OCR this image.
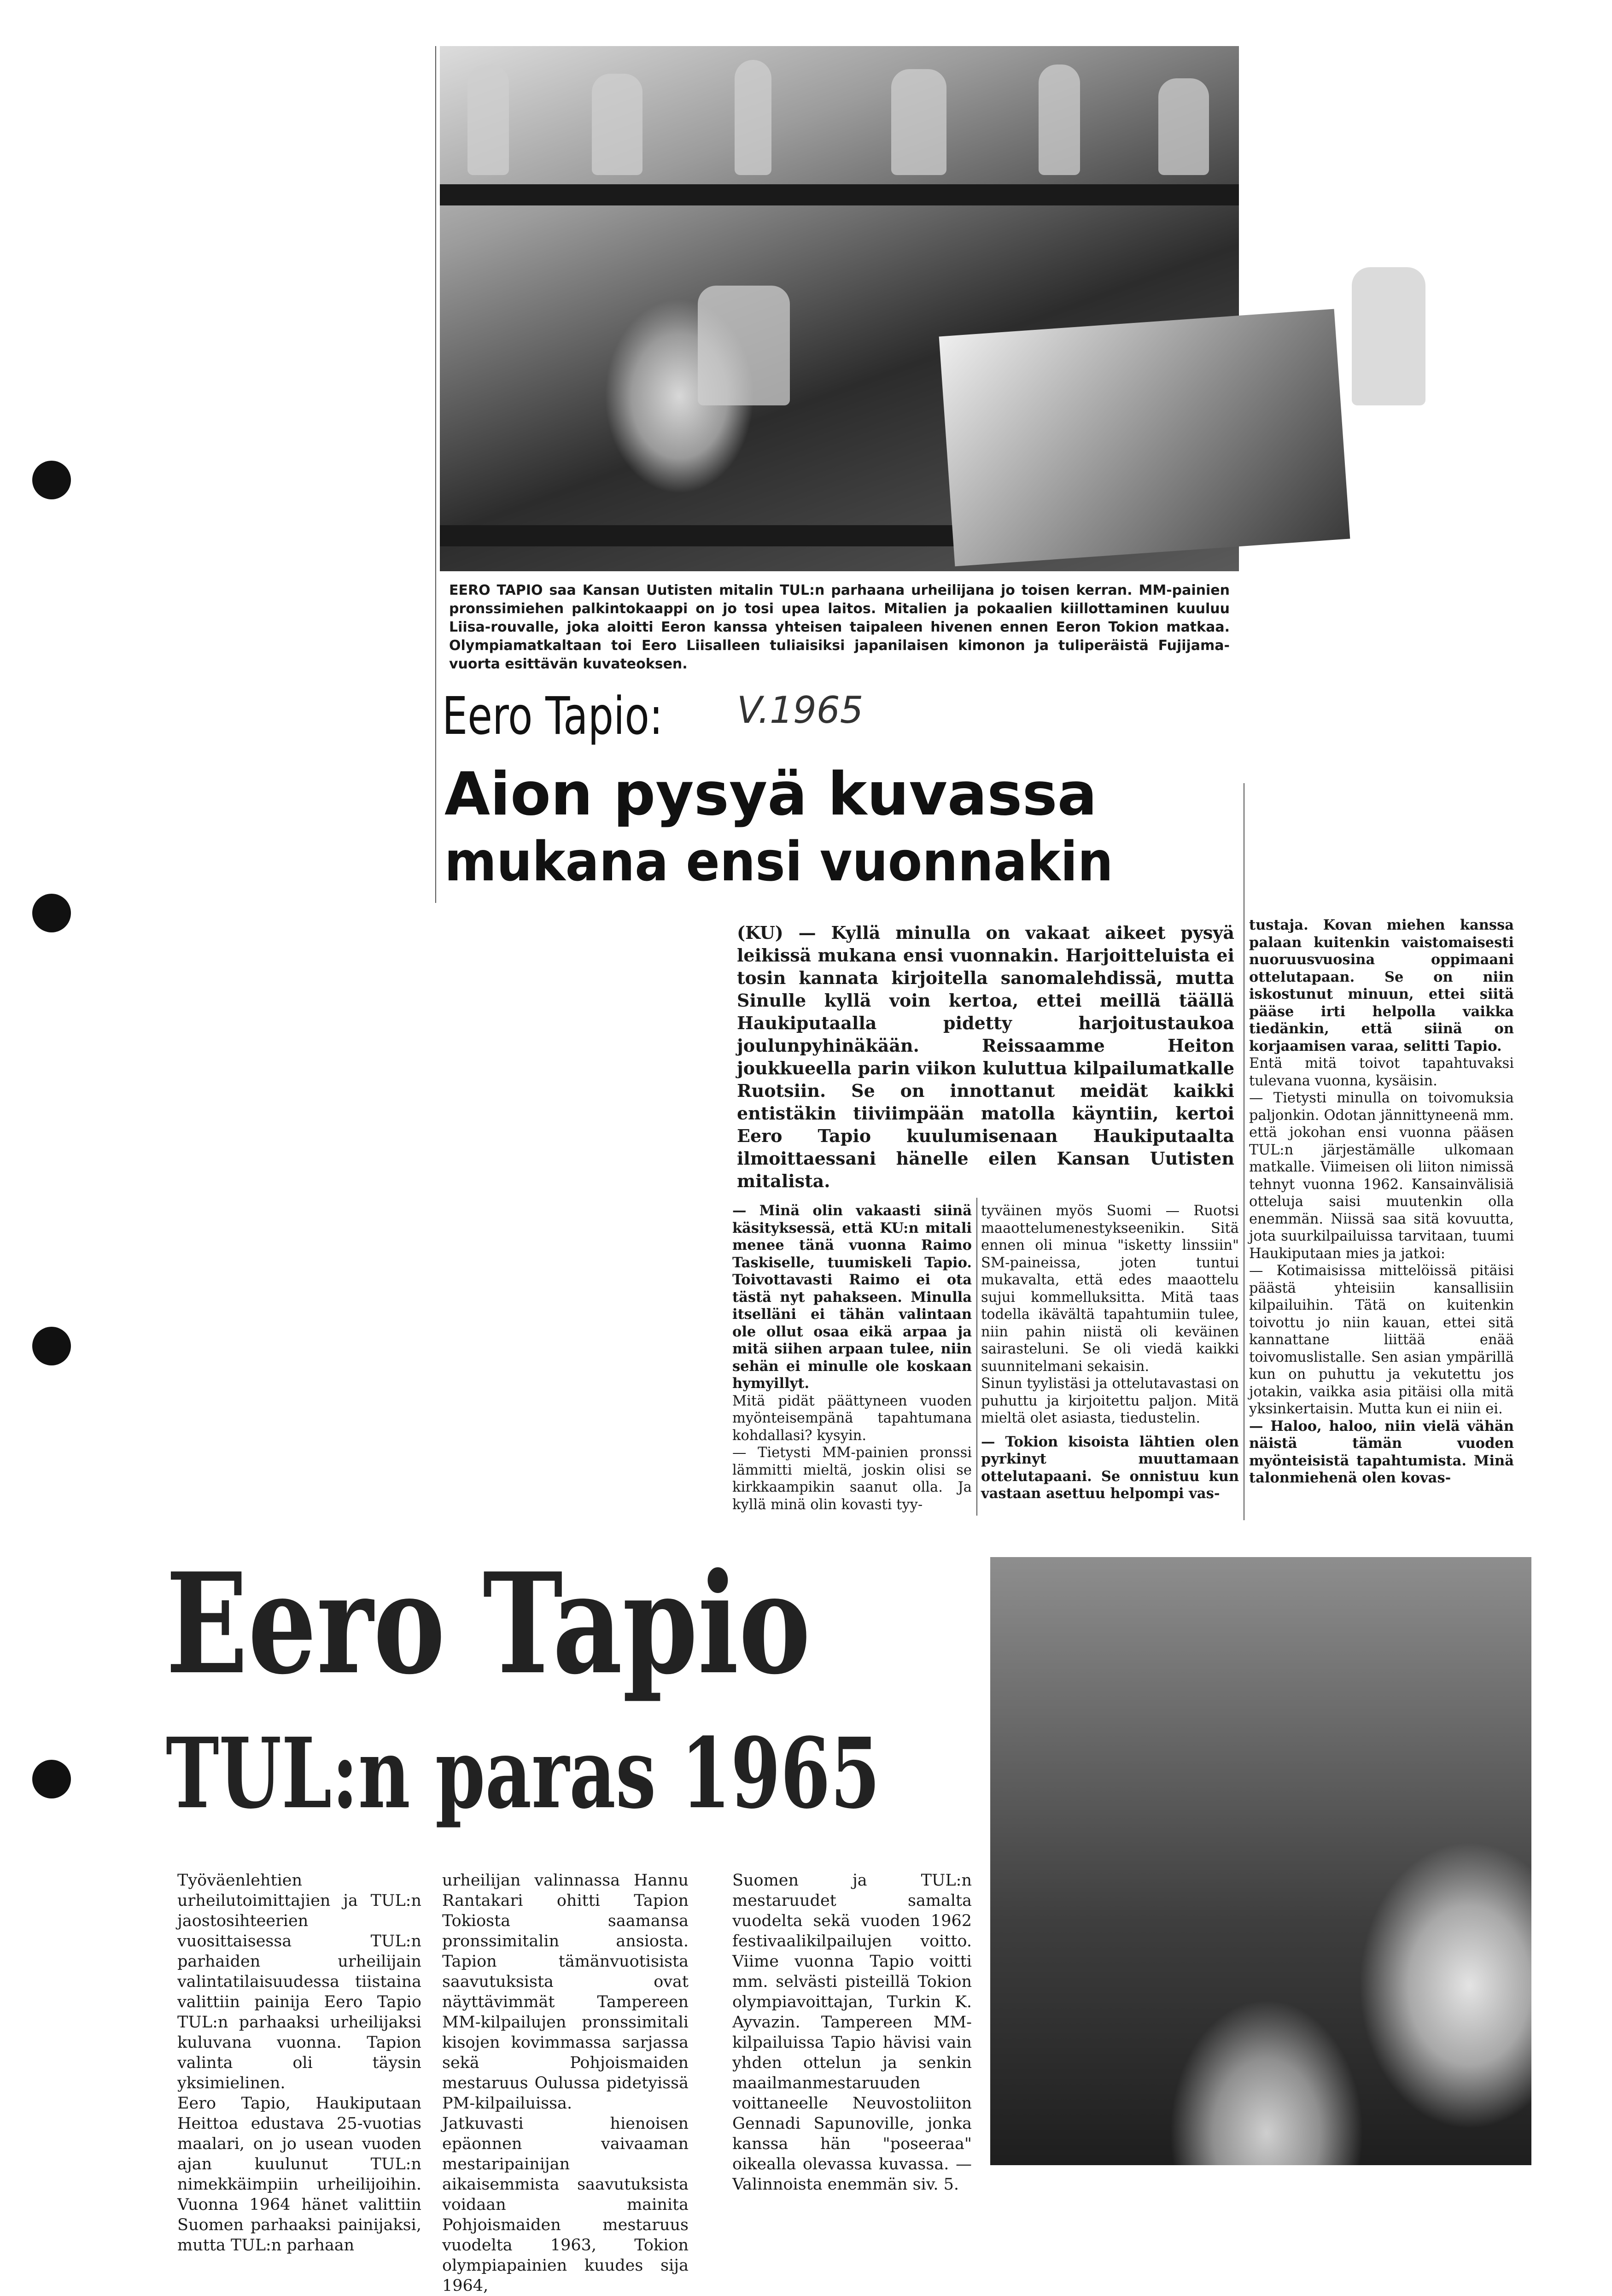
EERO TAPIO saa Kansan Uutisten mitalin TUL:n parhaana urheilijana jo toisen kerran. MM-painien pronssimiehen palkintokaappi on jo tosi upea laitos. Mitalien ja pokaalien kiillottaminen kuuluu Liisa-rouvalle, joka aloitti Eeron kanssa yhteisen taipaleen hivenen ennen Eeron Tokion matkaa. Olympiamatkaltaan toi Eero Liisalleen tuliaisiksi japanilaisen kimonon ja tuliperäistä Fujijama-vuorta esittävän kuvateoksen.
Eero Tapio: V.1965
Aion pysyä kuvassa
mukana ensi vuonnakin
(KU) — Kyllä minulla on vakaat aikeet pysyä leikissä mukana ensi vuonnakin. Harjoitteluista ei tosin kannata kirjoitella sanomalehdissä, mutta Sinulle kyllä voin kertoa, ettei meillä täällä Haukiputaalla pidetty harjoitustaukoa joulunpyhinäkään. Reissaamme Heiton joukkueella parin viikon kuluttua kilpailumatkalle Ruotsiin. Se on innottanut meidät kaikki entistäkin tiiviimpään matolla käyntiin, kertoi Eero Tapio kuulumisenaan Haukiputaalta ilmoittaessani hänelle eilen Kansan Uutisten mitalista.

— Minä olin vakaasti siinä käsityksessä, että KU:n mitali menee tänä vuonna Raimo Taskiselle, tuumiskeli Tapio. Toivottavasti Raimo ei ota tästä nyt pahakseen. Minulla itselläni ei tähän valintaan ole ollut osaa eikä arpaa ja mitä siihen arpaan tulee, niin sehän ei minulle ole koskaan hymyillyt.

Mitä pidät päättyneen vuoden myönteisempänä tapahtumana kohdallasi? kysyin.

— Tietysti MM-painien pronssi lämmitti mieltä, joskin olisi se kirkkaampikin saanut olla. Ja kyllä minä olin kovasti tyy-

tyväinen myös Suomi — Ruotsi maaottelumenestykseenikin. Sitä ennen oli minua "isketty linssiin" SM-paineissa, joten tuntui mukavalta, että edes maaottelu sujui kommelluksitta. Mitä taas todella ikävältä tapahtumiin tulee, niin pahin niistä oli keväinen sairasteluni. Se oli viedä kaikki suunnitelmani sekaisin.

Sinun tyylistäsi ja ottelutavastasi on puhuttu ja kirjoitettu paljon. Mitä mieltä olet asiasta, tiedustelin.

— Tokion kisoista lähtien olen pyrkinyt muuttamaan ottelutapaani. Se onnistuu kun vastaan asettuu helpompi vas-

tustaja. Kovan miehen kanssa palaan kuitenkin vaistomaisesti nuoruusvuosina oppimaani ottelutapaan. Se on niin iskostunut minuun, ettei siitä pääse irti helpolla vaikka tiedänkin, että siinä on korjaamisen varaa, selitti Tapio.

Entä mitä toivot tapahtuvaksi tulevana vuonna, kysäisin.

— Tietysti minulla on toivomuksia paljonkin. Odotan jännittyneenä mm. että jokohan ensi vuonna pääsen TUL:n järjestämälle ulkomaan matkalle. Viimeisen oli liiton nimissä tehnyt vuonna 1962. Kansainvälisiä otteluja saisi muutenkin olla enemmän. Niissä saa sitä kovuutta, jota suurkilpailuissa tarvitaan, tuumi Haukiputaan mies ja jatkoi:

— Kotimaisissa mittelöissä pitäisi päästä yhteisiin kansallisiin kilpailuihin. Tätä on kuitenkin toivottu jo niin kauan, ettei sitä kannattane liittää enää toivomuslistalle. Sen asian ympärillä kun on puhuttu ja vekutettu jos jotakin, vaikka asia pitäisi olla mitä yksinkertaisin. Mutta kun ei niin ei.

— Haloo, haloo, niin vielä vähän näistä tämän vuoden myönteisistä tapahtumista. Minä talonmiehenä olen kovas-

Eero Tapio
TUL:n paras 1965

Työväenlehtien urheilutoimittajien ja TUL:n jaostosihteerien vuosittaisessa TUL:n parhaiden urheilijain valintatilaisuudessa tiistaina valittiin painija Eero Tapio TUL:n parhaaksi urheilijaksi kuluvana vuonna. Tapion valinta oli täysin yksimielinen.

Eero Tapio, Haukiputaan Heittoa edustava 25-vuotias maalari, on jo usean vuoden ajan kuulunut TUL:n nimekkäimpiin urheilijoihin. Vuonna 1964 hänet valittiin Suomen parhaaksi painijaksi, mutta TUL:n parhaan

urheilijan valinnassa Hannu Rantakari ohitti Tapion Tokiosta saamansa pronssimitalin ansiosta. Tapion tämänvuotisista saavutuksista ovat näyttävimmät Tampereen MM-kilpailujen pronssimitali kisojen kovimmassa sarjassa sekä Pohjoismaiden mestaruus Oulussa pidetyissä PM-kilpailuissa.

Jatkuvasti hienoisen epäonnen vaivaaman mestaripainijan aikaisemmista saavutuksista voidaan mainita Pohjoismaiden mestaruus vuodelta 1963, Tokion olympiapainien kuudes sija 1964,

Suomen ja TUL:n mestaruudet samalta vuodelta sekä vuoden 1962 festivaalikilpailujen voitto. Viime vuonna Tapio voitti mm. selvästi pisteillä Tokion olympiavoittajan, Turkin K. Ayvazin. Tampereen MM-kilpailuissa Tapio hävisi vain yhden ottelun ja senkin maailmanmestaruuden voittaneelle Neuvostoliiton Gennadi Sapunoville, jonka kanssa hän "poseeraa" oikealla olevassa kuvassa. — Valinnoista enemmän siv. 5.
